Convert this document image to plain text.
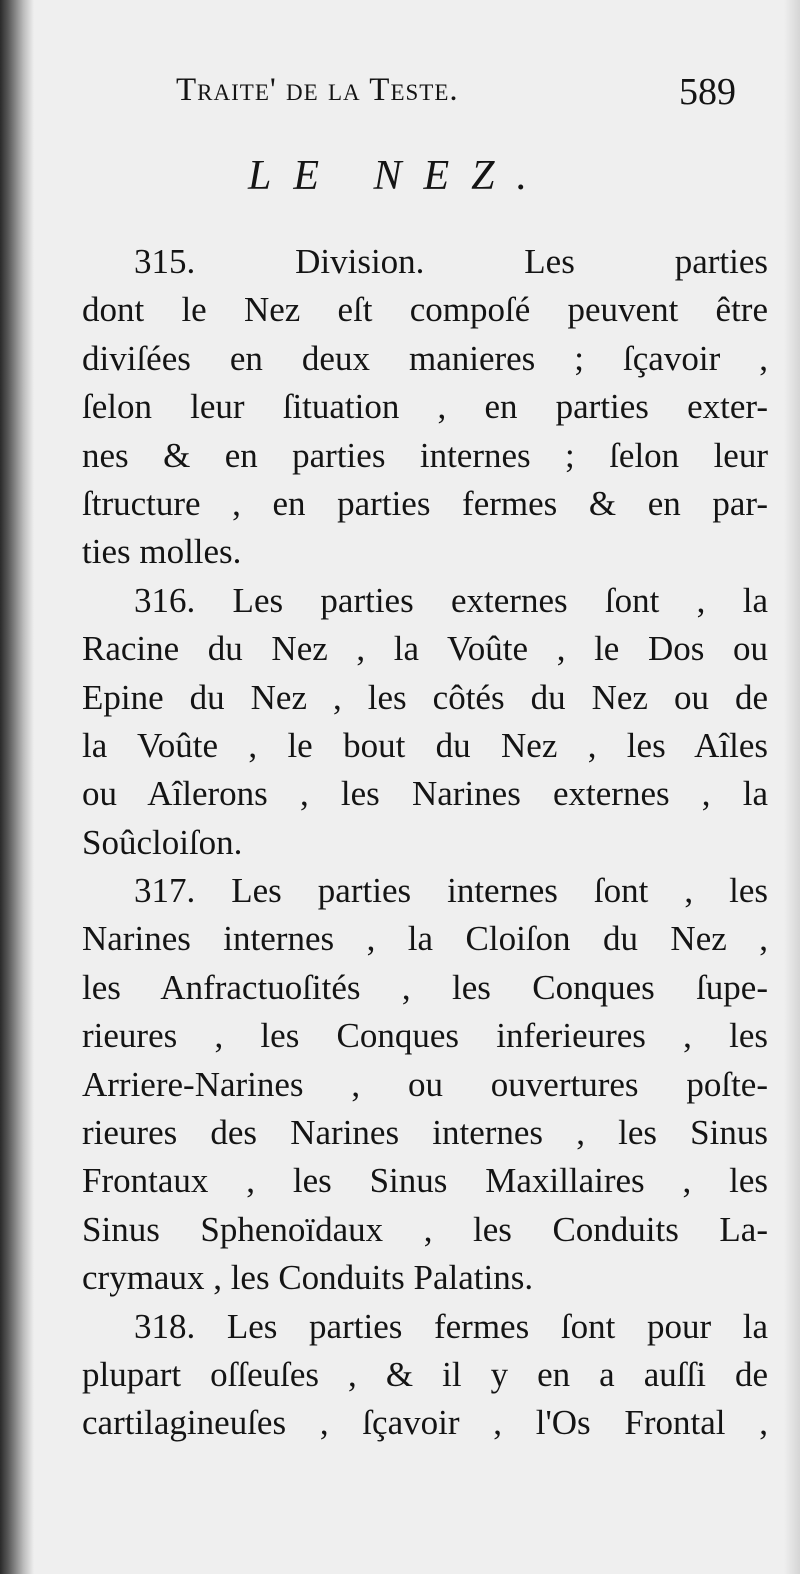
Traite' de la Teste.	589
LE NEZ.
315. Division. Les parties
dont le Nez eſt compoſé peuvent être
diviſées en deux manieres ; ſçavoir ,
ſelon leur ſituation , en parties exter-
nes & en parties internes ; ſelon leur
ſtructure , en parties fermes & en par-
ties molles.
316. Les parties externes ſont , la
Racine du Nez , la Voûte , le Dos ou
Epine du Nez , les côtés du Nez ou de
la Voûte , le bout du Nez , les Aîles
ou Aîlerons , les Narines externes , la
Soûcloiſon.
317. Les parties internes ſont , les
Narines internes , la Cloiſon du Nez ,
les Anfractuoſités , les Conques ſupe-
rieures , les Conques inferieures , les
Arriere-Narines , ou ouvertures poſte-
rieures des Narines internes , les Sinus
Frontaux , les Sinus Maxillaires , les
Sinus Sphenoïdaux , les Conduits La-
crymaux , les Conduits Palatins.
318. Les parties fermes ſont pour la
plupart oſſeuſes , & il y en a auſſi de
cartilagineuſes , ſçavoir , l'Os Frontal ,
